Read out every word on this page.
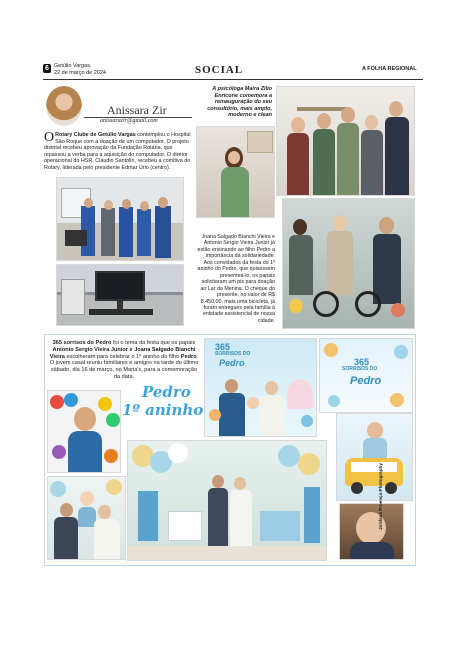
6 Getúlio Vargas,
22 de março de 2024	SOCIAL	A FOLHA REGIONAL
Anissara Zir
anissarazir@gmail.com
O Rotary Clube de Getúlio Vargas contemplou o Hospital São Roque com a doação de um computador. O projeto distrital recebeu aprovação da Fundação Rotária, que repassou a verba para a aquisição do computador. O diretor operacional do HSR, Cláudio Santolin, recebeu a comitiva do Rotary, liderada pelo presidente Edmar Urio (centro).
A psicóloga Maira Zilio Enricone comemora a reinauguração do seu consultório, mais amplo, moderno e clean
Joana Salgado Bianchi Vieira e Antonio Sergio Vieira Junior já estão ensinando ao filho Pedro a importância da solidariedade. Aos convidados da festa do 1º aninho do Pedro, que quisessem presenteá-lo, os papais solicitaram um pix para doação ao Lar da Menina. O cheque do presente, no valor de R$ 8.450,00, mais uma bicicleta, já foram entregues pela família à entidade assistencial de nossa cidade.
365 sorrisos do Pedro foi o tema da festa que os papais Antonio Sergio Vieira Junior e Joana Salgado Bianchi Vieira escolheram para celebrar o 1º aninho do filho Pedro. O jovem casal reuniu familiares e amigos na tarde do último sábado, dia 16 de março, no Maria's, para a comemoração da data.
Pedro
1º aninho
365
SORRISOS DO
Pedro	365
SORRISOS DO
Pedro
Jordana Proença Photography
